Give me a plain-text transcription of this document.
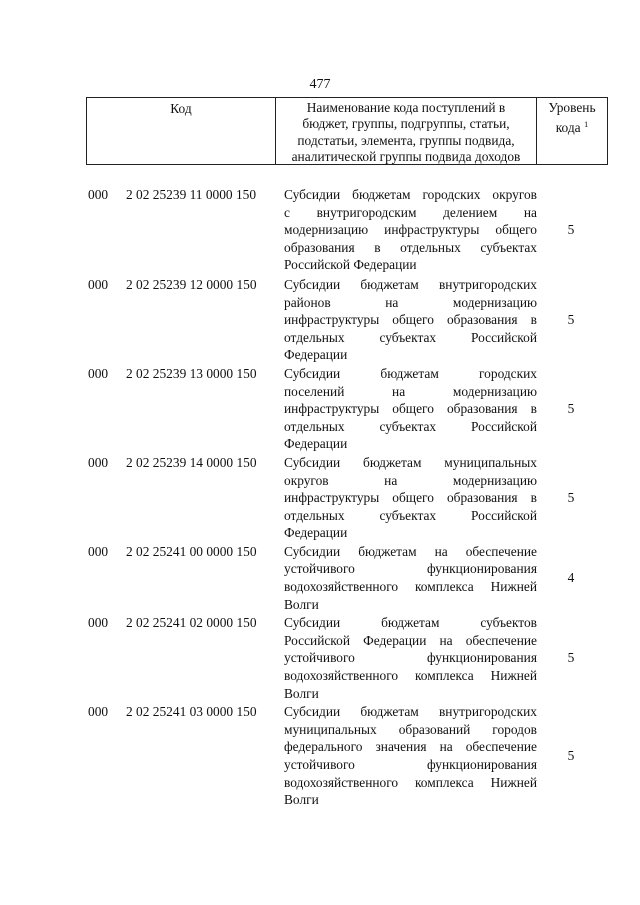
477
Код	Наименование кода поступлений в
бюджет, группы, подгруппы, статьи,
подстатьи, элемента, группы подвида,
аналитической группы подвида доходов
Уровень
кода $^1$
000	2 02 25239 11 0000 150	Субсидии бюджетам городских округов
с внутригородским делением на
модернизацию инфраструктуры общего
образования в отдельных субъектах
Российской Федерации
5
000	2 02 25239 12 0000 150	Субсидии бюджетам внутригородских
районов на модернизацию
инфраструктуры общего образования в
отдельных субъектах Российской
Федерации
5
000	2 02 25239 13 0000 150	Субсидии бюджетам городских
поселений на модернизацию
инфраструктуры общего образования в
отдельных субъектах Российской
Федерации
5
000	2 02 25239 14 0000 150	Субсидии бюджетам муниципальных
округов на модернизацию
инфраструктуры общего образования в
отдельных субъектах Российской
Федерации
5
000	2 02 25241 00 0000 150	Субсидии бюджетам на обеспечение
устойчивого функционирования
водохозяйственного комплекса Нижней
Волги
4
000	2 02 25241 02 0000 150	Субсидии бюджетам субъектов
Российской Федерации на обеспечение
устойчивого функционирования
водохозяйственного комплекса Нижней
Волги
5
000	2 02 25241 03 0000 150	Субсидии бюджетам внутригородских
муниципальных образований городов
федерального значения на обеспечение
устойчивого функционирования
водохозяйственного комплекса Нижней
Волги
5
